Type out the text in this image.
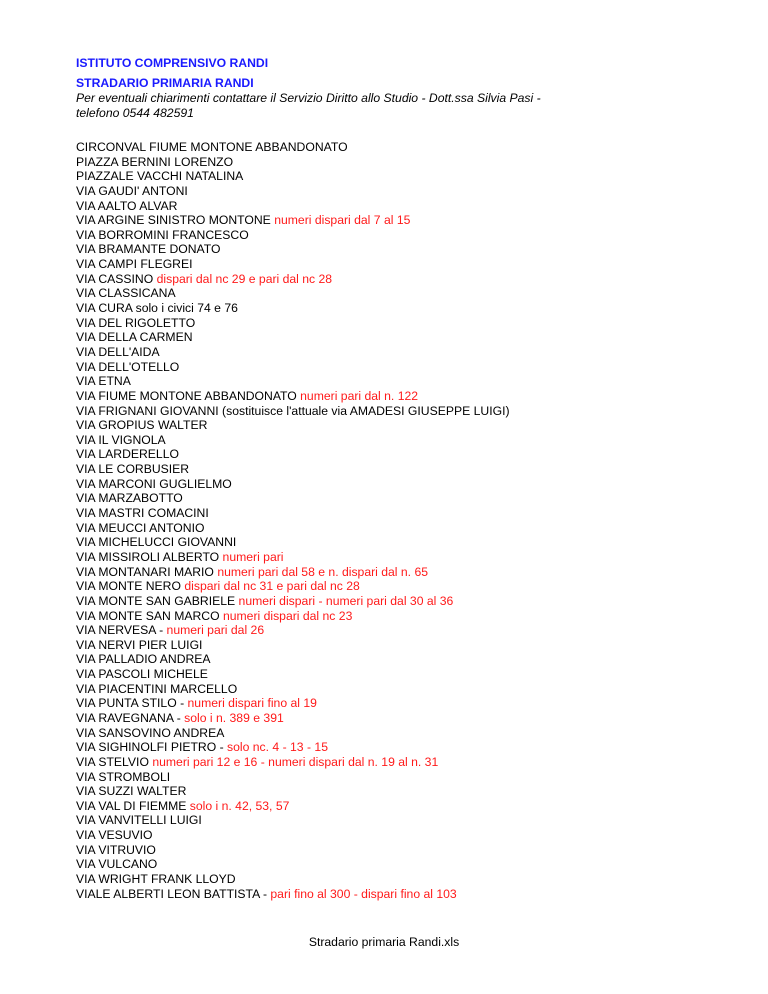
ISTITUTO COMPRENSIVO RANDI
STRADARIO PRIMARIA RANDI
Per eventuali chiarimenti contattare il Servizio Diritto allo Studio - Dott.ssa Silvia Pasi -
telefono 0544 482591
CIRCONVAL FIUME MONTONE ABBANDONATO
PIAZZA BERNINI LORENZO
PIAZZALE VACCHI NATALINA
VIA GAUDI' ANTONI
VIA AALTO ALVAR
VIA ARGINE SINISTRO MONTONE numeri dispari dal 7 al 15
VIA BORROMINI FRANCESCO
VIA BRAMANTE DONATO
VIA CAMPI FLEGREI
VIA CASSINO dispari dal nc 29 e pari dal nc 28
VIA CLASSICANA
VIA CURA solo i civici 74 e 76
VIA DEL RIGOLETTO
VIA DELLA CARMEN
VIA DELL'AIDA
VIA DELL'OTELLO
VIA ETNA
VIA FIUME MONTONE ABBANDONATO numeri pari dal n. 122
VIA FRIGNANI GIOVANNI (sostituisce l'attuale via AMADESI GIUSEPPE LUIGI)
VIA GROPIUS WALTER
VIA IL VIGNOLA
VIA LARDERELLO
VIA LE CORBUSIER
VIA MARCONI GUGLIELMO
VIA MARZABOTTO
VIA MASTRI COMACINI
VIA MEUCCI ANTONIO
VIA MICHELUCCI GIOVANNI
VIA MISSIROLI ALBERTO numeri pari
VIA MONTANARI MARIO numeri pari dal 58 e n. dispari dal n. 65
VIA MONTE NERO dispari dal nc 31 e pari dal nc 28
VIA MONTE SAN GABRIELE numeri dispari - numeri pari dal 30 al 36
VIA MONTE SAN MARCO numeri dispari dal nc 23
VIA NERVESA - numeri pari dal 26
VIA NERVI PIER LUIGI
VIA PALLADIO ANDREA
VIA PASCOLI MICHELE
VIA PIACENTINI MARCELLO
VIA PUNTA STILO - numeri dispari fino al 19
VIA RAVEGNANA - solo i n. 389 e 391
VIA SANSOVINO ANDREA
VIA SIGHINOLFI PIETRO - solo nc. 4 - 13 - 15
VIA STELVIO numeri pari 12 e 16 - numeri dispari dal n. 19 al n. 31
VIA STROMBOLI
VIA SUZZI WALTER
VIA VAL DI FIEMME solo i n. 42, 53, 57
VIA VANVITELLI LUIGI
VIA VESUVIO
VIA VITRUVIO
VIA VULCANO
VIA WRIGHT FRANK LLOYD
VIALE ALBERTI LEON BATTISTA - pari fino al 300 - dispari fino al 103
Stradario primaria Randi.xls
